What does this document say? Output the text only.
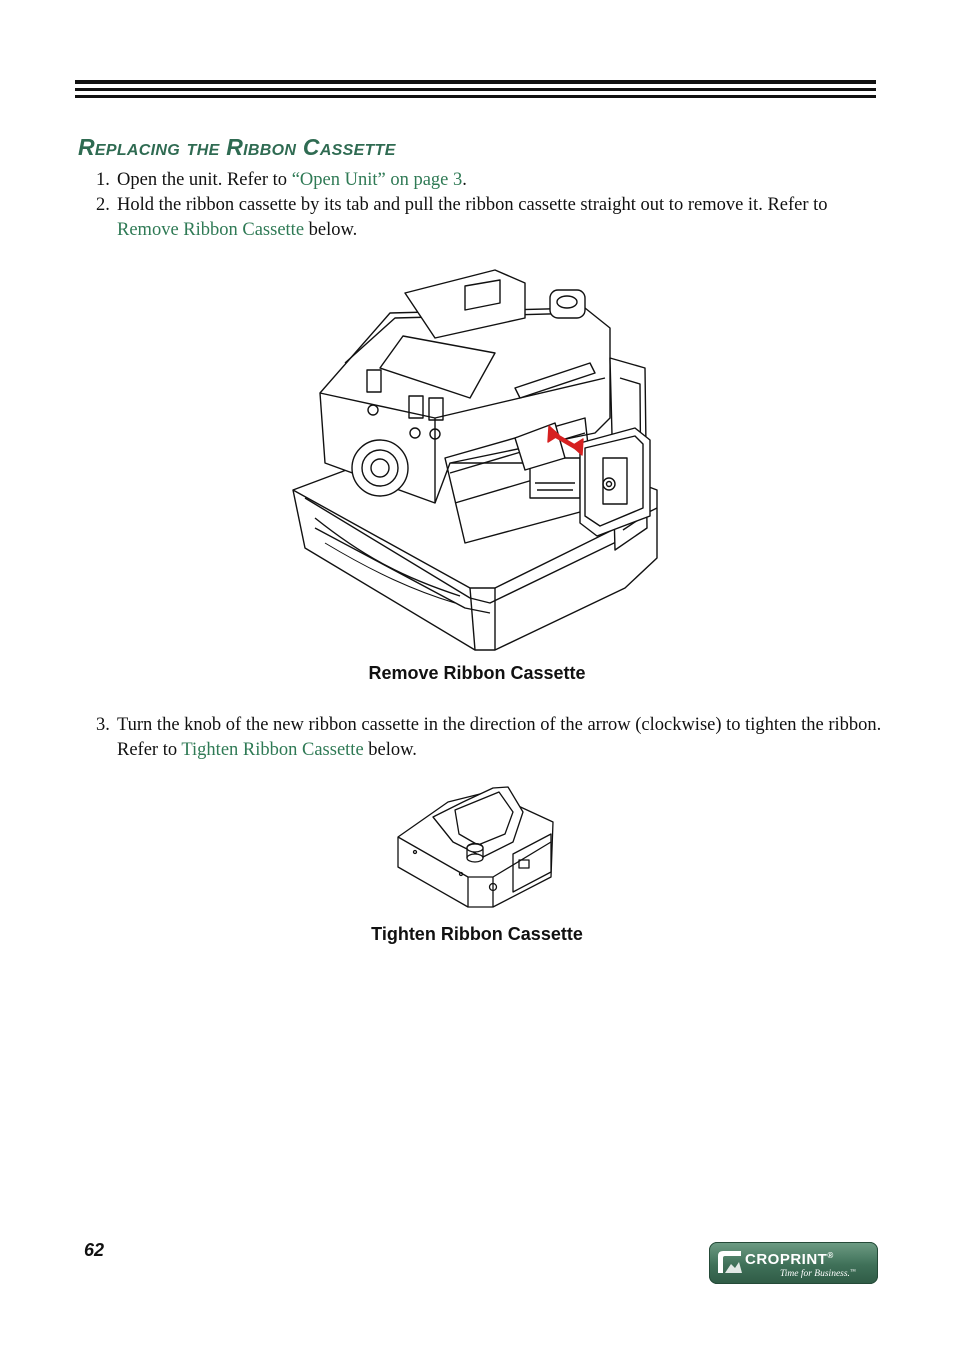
Replacing the Ribbon Cassette
1. Open the unit. Refer to “Open Unit” on page 3.
2. Hold the ribbon cassette by its tab and pull the ribbon cassette straight out to remove it. Refer to Remove Ribbon Cassette below.
Remove Ribbon Cassette
3. Turn the knob of the new ribbon cassette in the direction of the arrow (clockwise) to tighten the ribbon. Refer to Tighten Ribbon Cassette below.
Tighten Ribbon Cassette
62	CROPRINT®
Time for Business.™
